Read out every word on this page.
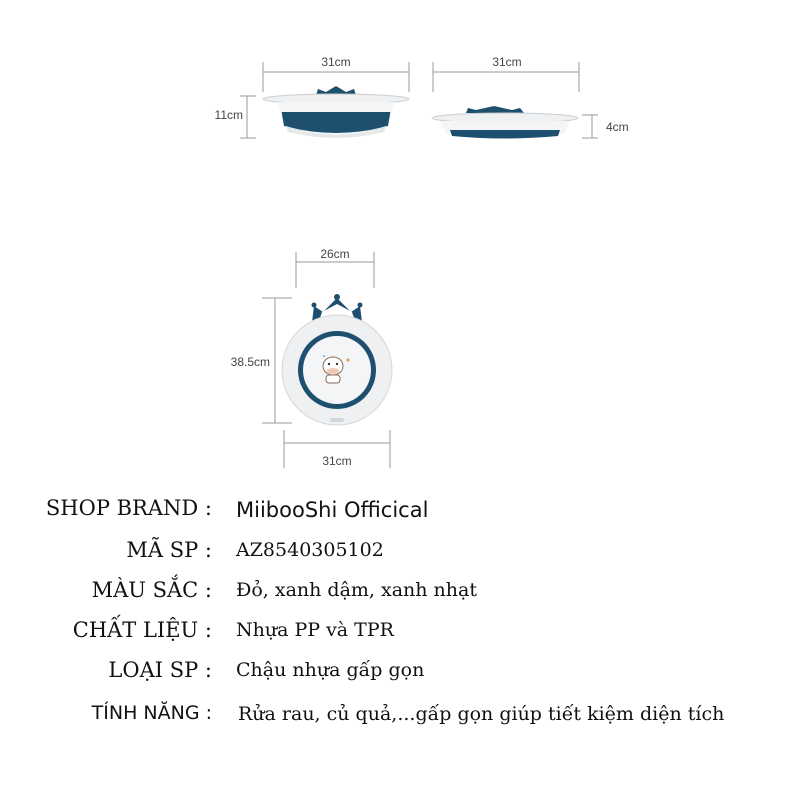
31cm
11cm
31cm
4cm
26cm
38.5cm
31cm
SHOP BRAND : MiibooShi Officical
MÃ SP : AZ8540305102
MÀU SẮC : Đỏ, xanh dậm, xanh nhạt
CHẤT LIỆU : Nhựa PP và TPR
LOẠI SP : Chậu nhựa gấp gọn
TÍNH NĂNG : Rửa rau, củ quả,...gấp gọn giúp tiết kiệm diện tích
